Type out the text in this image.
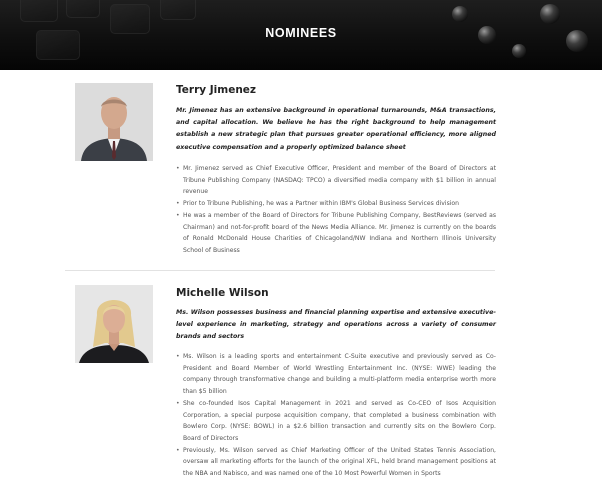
NOMINEES
Terry Jimenez

Mr. Jimenez has an extensive background in operational turnarounds, M&A transactions, and capital allocation. We believe he has the right background to help management establish a new strategic plan that pursues greater operational efficiency, more aligned executive compensation and a properly optimized balance sheet

• Mr. Jimenez served as Chief Executive Officer, President and member of the Board of Directors at Tribune Publishing Company (NASDAQ: TPCO) a diversified media company with $1 billion in annual revenue
• Prior to Tribune Publishing, he was a Partner within IBM's Global Business Services division
• He was a member of the Board of Directors for Tribune Publishing Company, BestReviews (served as Chairman) and not-for-profit board of the News Media Alliance. Mr. Jimenez is currently on the boards of Ronald McDonald House Charities of Chicagoland/NW Indiana and Northern Illinois University School of Business
Michelle Wilson

Ms. Wilson possesses business and financial planning expertise and extensive executive-level experience in marketing, strategy and operations across a variety of consumer brands and sectors

• Ms. Wilson is a leading sports and entertainment C-Suite executive and previously served as Co-President and Board Member of World Wrestling Entertainment Inc. (NYSE: WWE) leading the company through transformative change and building a multi-platform media enterprise worth more than $5 billion
• She co-founded Isos Capital Management in 2021 and served as Co-CEO of Isos Acquisition Corporation, a special purpose acquisition company, that completed a business combination with Bowlero Corp. (NYSE: BOWL) in a $2.6 billion transaction and currently sits on the Bowlero Corp. Board of Directors
• Previously, Ms. Wilson served as Chief Marketing Officer of the United States Tennis Association, oversaw all marketing efforts for the launch of the original XFL, held brand management positions at the NBA and Nabisco, and was named one of the 10 Most Powerful Women in Sports
